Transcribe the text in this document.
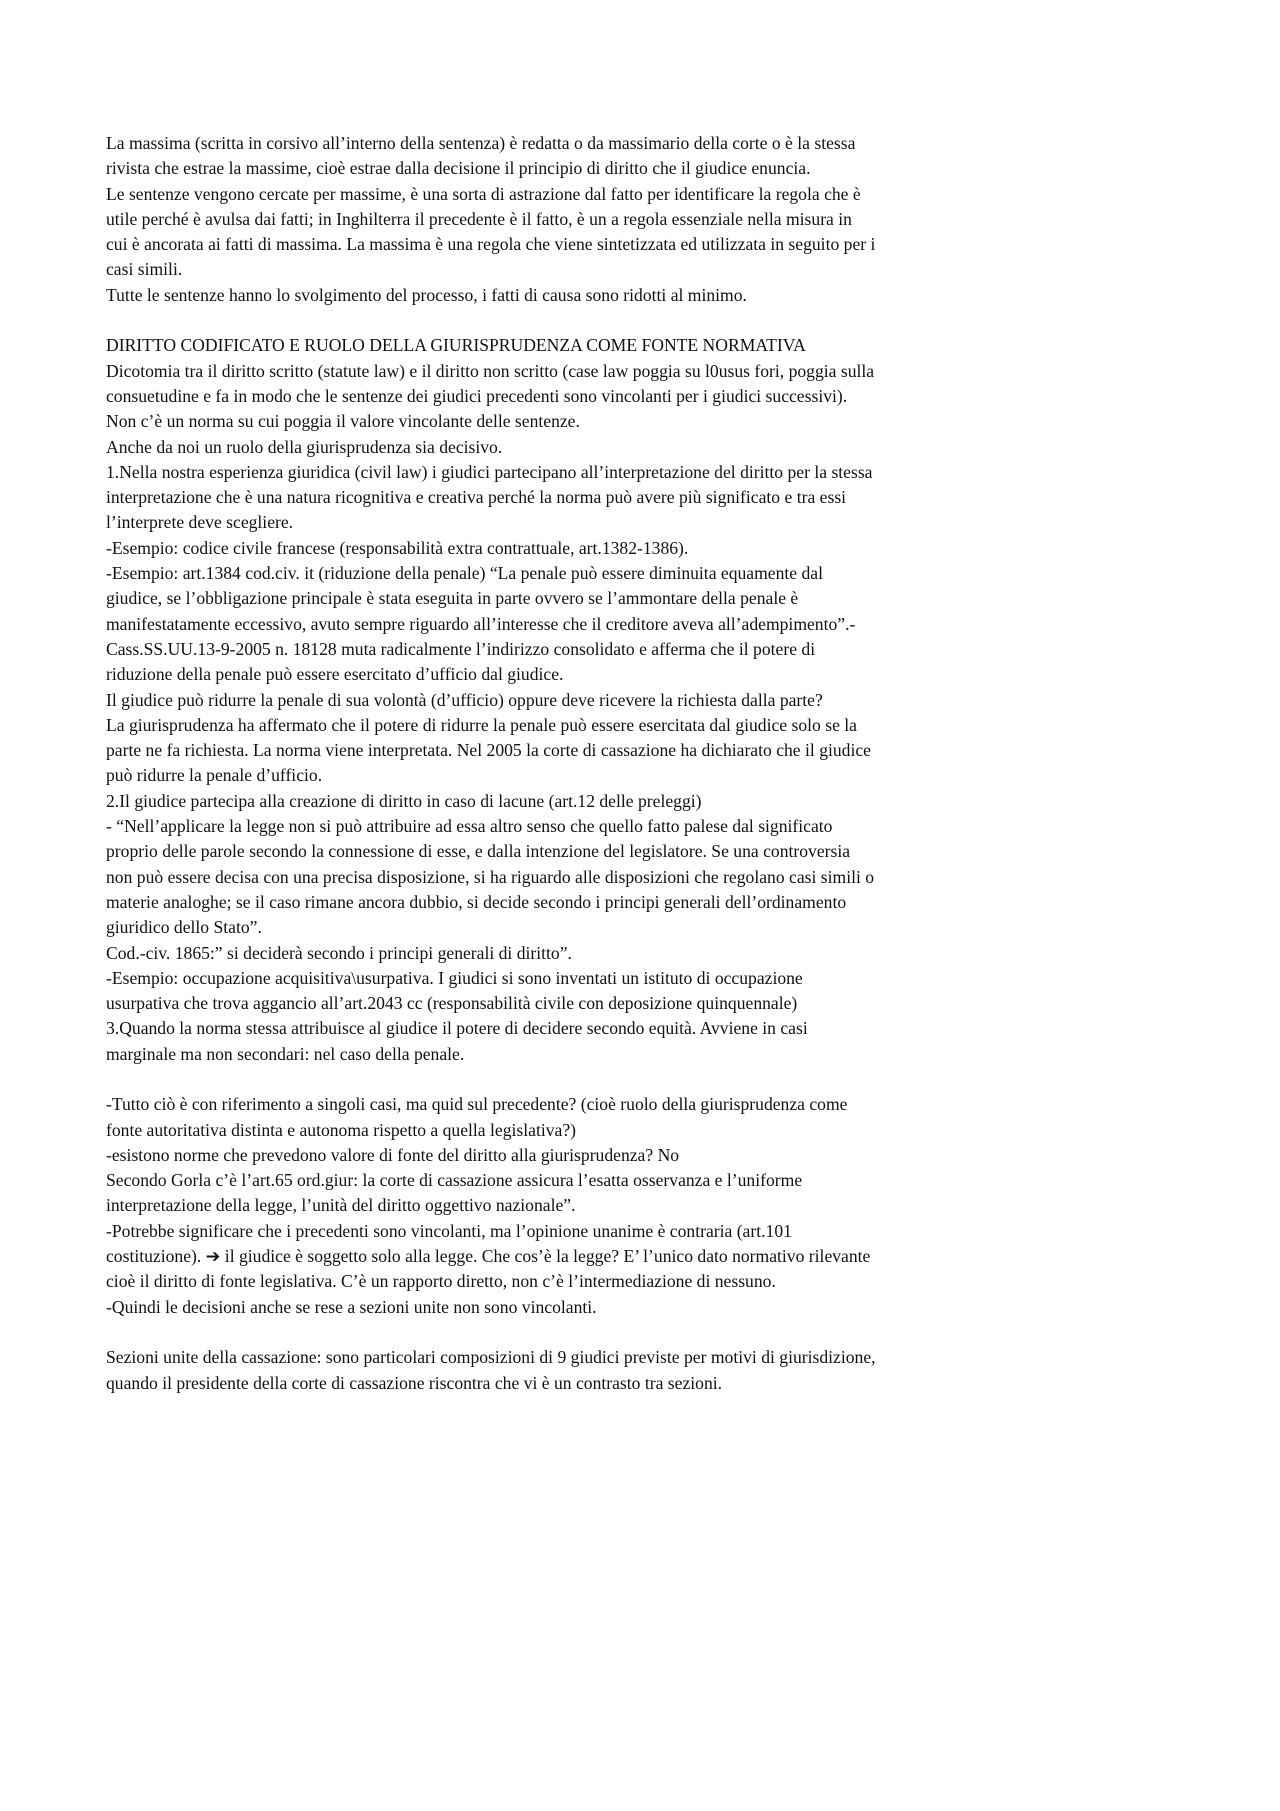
La massima (scritta in corsivo all’interno della sentenza) è redatta o da massimario della corte o è la stessa
rivista che estrae la massime, cioè estrae dalla decisione il principio di diritto che il giudice enuncia.
Le sentenze vengono cercate per massime, è una sorta di astrazione dal fatto per identificare la regola che è
utile perché è avulsa dai fatti; in Inghilterra il precedente è il fatto, è un a regola essenziale nella misura in
cui è ancorata ai fatti di massima. La massima è una regola che viene sintetizzata ed utilizzata in seguito per i
casi simili.
Tutte le sentenze hanno lo svolgimento del processo, i fatti di causa sono ridotti al minimo.
DIRITTO CODIFICATO E RUOLO DELLA GIURISPRUDENZA COME FONTE NORMATIVA
Dicotomia tra il diritto scritto (statute law) e il diritto non scritto (case law poggia su l0usus fori, poggia sulla
consuetudine e fa in modo che le sentenze dei giudici precedenti sono vincolanti per i giudici successivi).
Non c’è un norma su cui poggia il valore vincolante delle sentenze.
Anche da noi un ruolo della giurisprudenza sia decisivo.
1.Nella nostra esperienza giuridica (civil law) i giudici partecipano all’interpretazione del diritto per la stessa
interpretazione che è una natura ricognitiva e creativa perché la norma può avere più significato e tra essi
l’interprete deve scegliere.
-Esempio: codice civile francese (responsabilità extra contrattuale, art.1382-1386).
-Esempio: art.1384 cod.civ. it (riduzione della penale) “La penale può essere diminuita equamente dal
giudice, se l’obbligazione principale è stata eseguita in parte ovvero se l’ammontare della penale è
manifestatamente eccessivo, avuto sempre riguardo all’interesse che il creditore aveva all’adempimento”.-
Cass.SS.UU.13-9-2005 n. 18128 muta radicalmente l’indirizzo consolidato e afferma che il potere di
riduzione della penale può essere esercitato d’ufficio dal giudice.
Il giudice può ridurre la penale di sua volontà (d’ufficio) oppure deve ricevere la richiesta dalla parte?
La giurisprudenza ha affermato che il potere di ridurre la penale può essere esercitata dal giudice solo se la
parte ne fa richiesta. La norma viene interpretata. Nel 2005 la corte di cassazione ha dichiarato che il giudice
può ridurre la penale d’ufficio.
2.Il giudice partecipa alla creazione di diritto in caso di lacune (art.12 delle preleggi)
- “Nell’applicare la legge non si può attribuire ad essa altro senso che quello fatto palese dal significato
proprio delle parole secondo la connessione di esse, e dalla intenzione del legislatore. Se una controversia
non può essere decisa con una precisa disposizione, si ha riguardo alle disposizioni che regolano casi simili o
materie analoghe; se il caso rimane ancora dubbio, si decide secondo i principi generali dell’ordinamento
giuridico dello Stato”.
Cod.-civ. 1865:” si deciderà secondo i principi generali di diritto”.
-Esempio: occupazione acquisitiva\usurpativa. I giudici si sono inventati un istituto di occupazione
usurpativa che trova aggancio all’art.2043 cc (responsabilità civile con deposizione quinquennale)
3.Quando la norma stessa attribuisce al giudice il potere di decidere secondo equità. Avviene in casi
marginale ma non secondari: nel caso della penale.
-Tutto ciò è con riferimento a singoli casi, ma quid sul precedente? (cioè ruolo della giurisprudenza come
fonte autoritativa distinta e autonoma rispetto a quella legislativa?)
-esistono norme che prevedono valore di fonte del diritto alla giurisprudenza? No
Secondo Gorla c’è l’art.65 ord.giur: la corte di cassazione assicura l’esatta osservanza e l’uniforme
interpretazione della legge, l’unità del diritto oggettivo nazionale”.
-Potrebbe significare che i precedenti sono vincolanti, ma l’opinione unanime è contraria (art.101
costituzione). ➔ il giudice è soggetto solo alla legge. Che cos’è la legge? E’ l’unico dato normativo rilevante
cioè il diritto di fonte legislativa. C’è un rapporto diretto, non c’è l’intermediazione di nessuno.
-Quindi le decisioni anche se rese a sezioni unite non sono vincolanti.
Sezioni unite della cassazione: sono particolari composizioni di 9 giudici previste per motivi di giurisdizione,
quando il presidente della corte di cassazione riscontra che vi è un contrasto tra sezioni.
